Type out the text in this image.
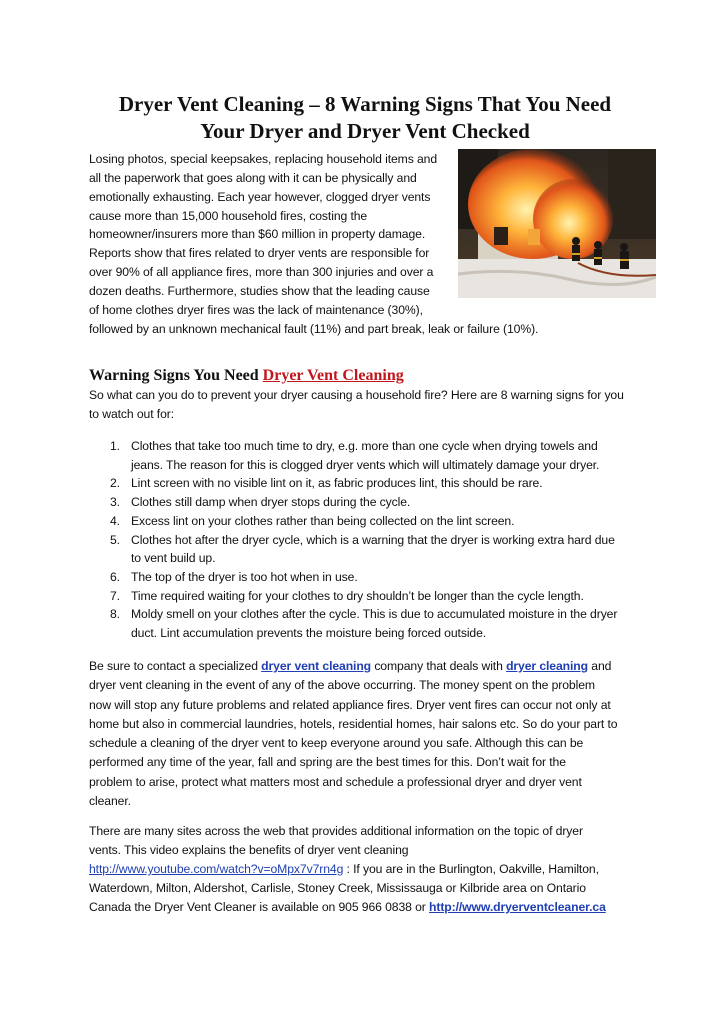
Dryer Vent Cleaning – 8 Warning Signs That You Need
Your Dryer and Dryer Vent Checked
Losing photos, special keepsakes, replacing household items and
all the paperwork that goes along with it can be physically and
emotionally exhausting. Each year however, clogged dryer vents
cause more than 15,000 household fires, costing the
homeowner/insurers more than $60 million in property damage.
Reports show that fires related to dryer vents are responsible for
over 90% of all appliance fires, more than 300 injuries and over a
dozen deaths. Furthermore, studies show that the leading cause
of home clothes dryer fires was the lack of maintenance (30%),
followed by an unknown mechanical fault (11%) and part break, leak or failure (10%).
Warning Signs You Need Dryer Vent Cleaning
So what can you do to prevent your dryer causing a household fire? Here are 8 warning signs for you
to watch out for:
1. Clothes that take too much time to dry, e.g. more than one cycle when drying towels and
jeans. The reason for this is clogged dryer vents which will ultimately damage your dryer.
2. Lint screen with no visible lint on it, as fabric produces lint, this should be rare.
3. Clothes still damp when dryer stops during the cycle.
4. Excess lint on your clothes rather than being collected on the lint screen.
5. Clothes hot after the dryer cycle, which is a warning that the dryer is working extra hard due
to vent build up.
6. The top of the dryer is too hot when in use.
7. Time required waiting for your clothes to dry shouldn’t be longer than the cycle length.
8. Moldy smell on your clothes after the cycle. This is due to accumulated moisture in the dryer
duct. Lint accumulation prevents the moisture being forced outside.
Be sure to contact a specialized dryer vent cleaning company that deals with dryer cleaning and
dryer vent cleaning in the event of any of the above occurring. The money spent on the problem
now will stop any future problems and related appliance fires. Dryer vent fires can occur not only at
home but also in commercial laundries, hotels, residential homes, hair salons etc. So do your part to
schedule a cleaning of the dryer vent to keep everyone around you safe. Although this can be
performed any time of the year, fall and spring are the best times for this. Don’t wait for the
problem to arise, protect what matters most and schedule a professional dryer and dryer vent
cleaner.
There are many sites across the web that provides additional information on the topic of dryer
vents. This video explains the benefits of dryer vent cleaning
http://www.youtube.com/watch?v=oMpx7v7rn4g : If you are in the Burlington, Oakville, Hamilton,
Waterdown, Milton, Aldershot, Carlisle, Stoney Creek, Mississauga or Kilbride area on Ontario
Canada the Dryer Vent Cleaner is available on 905 966 0838 or http://www.dryerventcleaner.ca
